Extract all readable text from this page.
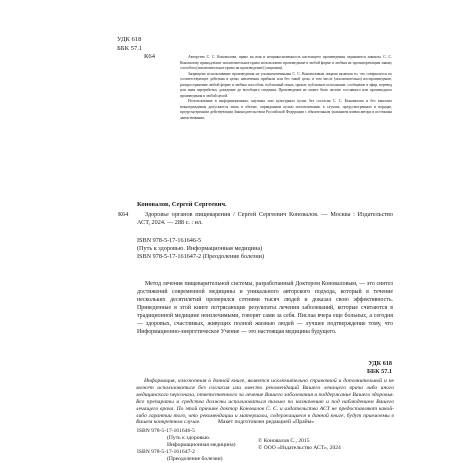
УДК 618
ББК 57.1
К64	Авторство С. С. Коновалова, право на имя и неприкосновенность настоящего произведения охраняются законом. С. С. Коновалову принадлежит исключительное право использовать произведение в любой форме и любым не противоречащим закону способом (исключительное право на произведение) (лицензия).

Запрещено использование произведения не уполномоченными С. С. Коноваловым лицами включая то, что совершается по соответствующее действия в целях извлечения прибыли или без такой цели, в том числе (исключительно) воспроизведение, распространение любой форме и любым способом, публичный показ, прокат, публичное исполнение, сообщение в эфир, перевод или иная переработка, доведение до всеобщего сведения. Произведение не может быть частью составного или производного произведения в любой целой.

Использование в информационных, научных или культурных целях без согласия С. С. Коновалова и без выплаты вознаграждения допускается лишь в объеме, оправданном целью использования, в случаях, предусмотренных в порядке, предусмотренном действующим Законодательством Российской Федерации с обязательным указанием имени автора и источника заимствования.

Коновалов, Сергей Сергеевич.
К64	Здоровье органов пищеварения / Сергей Сергеевич Коновалов. — Москва : Издательство АСТ, 2024. — 288 с. : ил.
ISBN 978-5-17-161646-5
(Путь к здоровью. Информационная медицина)
ISBN 978-5-17-161647-2 (Преодоление болезни)

Метод лечения пищеварительной системы, разработанный Доктором Коноваловым, — это синтез достижений современной медицины и уникального авторского подхода, который в течение нескольких десятилетий проверялся сотнями тысяч людей и доказал свою эффективность. Приведенные в этой книге потрясающие результаты лечения заболеваний, которые считаются в традиционной медицине неизлечимыми, говорят сами за себя. Пислаа вчера еще больных, а сегодня — здоровых, счастливых, живущих полной жизнью людей — лучшее подтверждение тому, что Информационно-энергетическое Учение — это настоящая медицина будущего.

УДК 618
ББК 57.1

Информация, изложенная в данной книге, является исключительно справочной и дополнительной и не может использоваться без согласия или вместо рекомендаций Вашего лечащего врача либо иного медицинского персонала, ответственного за лечение Вашего заболевания и поддержание Вашего здоровья. Все препараты и средства должны использоваться только по назначению и под наблюдением Вашего лечащего врача. По этой причине доктор Коновалов С. С. и издательство АСТ не предоставляют какой-либо гарантии того, что рекомендации и материалы, содержащиеся в данной книге, будут приемлемы в Вашем конкретном случае.	Макет подготовлен редакцией «Прайм»
ISBN 978-5-17-161646-5
(Путь к здоровью.
Информационная медицина)
ISBN 978-5-17-161647-2
(Преодоление болезни)
© Коновалов С., 2015
© ООО «Издательство АСТ», 2024
